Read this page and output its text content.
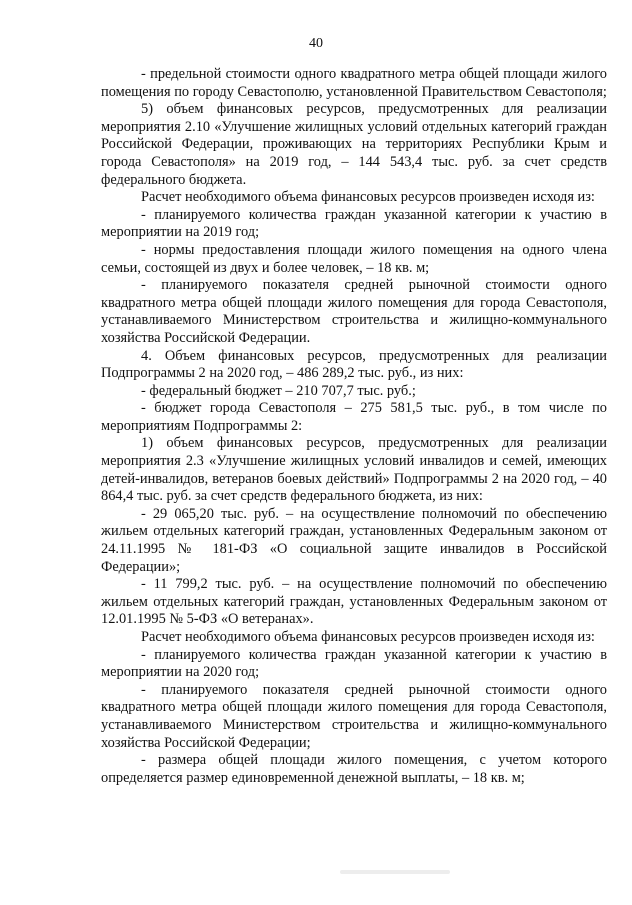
40

- предельной стоимости одного квадратного метра общей площади жилого помещения по городу Севастополю, установленной Правительством Севастополя;

5) объем финансовых ресурсов, предусмотренных для реализации мероприятия 2.10 «Улучшение жилищных условий отдельных категорий граждан Российской Федерации, проживающих на территориях Республики Крым и города Севастополя» на 2019 год, – 144 543,4 тыс. руб. за счет средств федерального бюджета.

Расчет необходимого объема финансовых ресурсов произведен исходя из:

- планируемого количества граждан указанной категории к участию в мероприятии на 2019 год;

- нормы предоставления площади жилого помещения на одного члена семьи, состоящей из двух и более человек, – 18 кв. м;

- планируемого показателя средней рыночной стоимости одного квадратного метра общей площади жилого помещения для города Севастополя, устанавливаемого Министерством строительства и жилищно-коммунального хозяйства Российской Федерации.

4. Объем финансовых ресурсов, предусмотренных для реализации Подпрограммы 2 на 2020 год, – 486 289,2 тыс. руб., из них:

- федеральный бюджет – 210 707,7 тыс. руб.;

- бюджет города Севастополя – 275 581,5 тыс. руб., в том числе по мероприятиям Подпрограммы 2:

1) объем финансовых ресурсов, предусмотренных для реализации мероприятия 2.3 «Улучшение жилищных условий инвалидов и семей, имеющих детей-инвалидов, ветеранов боевых действий» Подпрограммы 2 на 2020 год, – 40 864,4 тыс. руб. за счет средств федерального бюджета, из них:

- 29 065,20 тыс. руб. – на осуществление полномочий по обеспечению жильем отдельных категорий граждан, установленных Федеральным законом от 24.11.1995 № 181-ФЗ «О социальной защите инвалидов в Российской Федерации»;

- 11 799,2 тыс. руб. – на осуществление полномочий по обеспечению жильем отдельных категорий граждан, установленных Федеральным законом от 12.01.1995 № 5-ФЗ «О ветеранах».

Расчет необходимого объема финансовых ресурсов произведен исходя из:

- планируемого количества граждан указанной категории к участию в мероприятии на 2020 год;

- планируемого показателя средней рыночной стоимости одного квадратного метра общей площади жилого помещения для города Севастополя, устанавливаемого Министерством строительства и жилищно-коммунального хозяйства Российской Федерации;

- размера общей площади жилого помещения, с учетом которого определяется размер единовременной денежной выплаты, – 18 кв. м;
